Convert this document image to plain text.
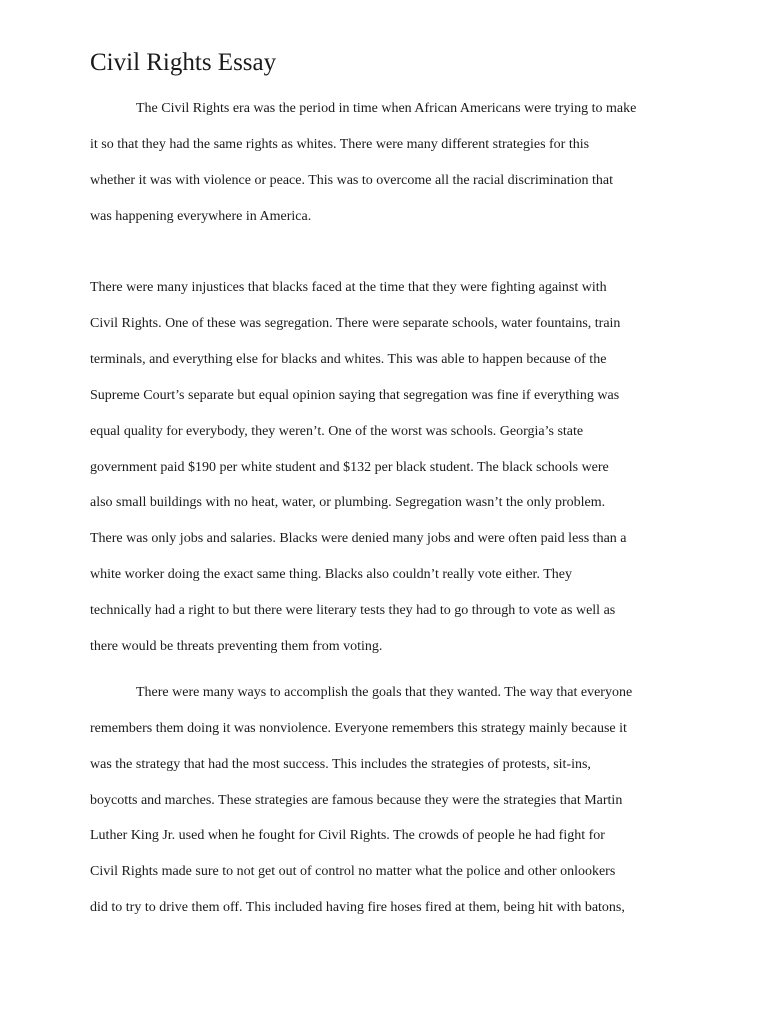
Civil Rights Essay
The Civil Rights era was the period in time when African Americans were trying to make
it so that they had the same rights as whites. There were many different strategies for this
whether it was with violence or peace. This was to overcome all the racial discrimination that
was happening everywhere in America.
There were many injustices that blacks faced at the time that they were fighting against with
Civil Rights. One of these was segregation. There were separate schools, water fountains, train
terminals, and everything else for blacks and whites. This was able to happen because of the
Supreme Court’s separate but equal opinion saying that segregation was fine if everything was
equal quality for everybody, they weren’t. One of the worst was schools. Georgia’s state
government paid $190 per white student and $132 per black student. The black schools were
also small buildings with no heat, water, or plumbing. Segregation wasn’t the only problem.
There was only jobs and salaries. Blacks were denied many jobs and were often paid less than a
white worker doing the exact same thing. Blacks also couldn’t really vote either. They
technically had a right to but there were literary tests they had to go through to vote as well as
there would be threats preventing them from voting.
There were many ways to accomplish the goals that they wanted. The way that everyone
remembers them doing it was nonviolence. Everyone remembers this strategy mainly because it
was the strategy that had the most success. This includes the strategies of protests, sit-ins,
boycotts and marches. These strategies are famous because they were the strategies that Martin
Luther King Jr. used when he fought for Civil Rights. The crowds of people he had fight for
Civil Rights made sure to not get out of control no matter what the police and other onlookers
did to try to drive them off. This included having fire hoses fired at them, being hit with batons,
